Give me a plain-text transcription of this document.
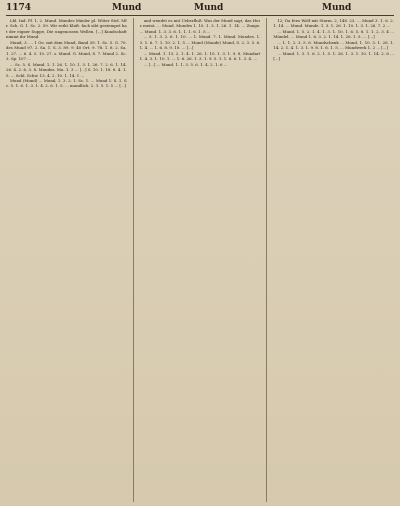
1174	Mund	Mund	Mund

Lbl. Ind. Pl. 1, 2. Mund. Mundes Mäuler pl. Wöter Stel. Mfr. Sch. G. 1. Sc. 2. 59. Wir reiht Kluft. fach sibt gestempet hat der eigner Suppe, Die ungenossen Wellen. [...] Kundschaft nimmt ihr Mund.

Mund, 3. ... 1 Oe. mit dem Mund, Band 39. 1. Sc. 5. G. 70. des Mund 97. 2. Sa. 1. S. 3. 89. 9. 40 Ort. 9. 78. 1. 8. 2. Sa. 1. 27. ... 6. 4. 5. 10. 27. s. Mund. G. Mund, S. 7. Mund 2. Sc. 3. Sp. 107 ...

... Sc. 5. S. Mund. 1. 1. 26. 1. 10. 1. 3. 1. 26. 7. 2. 6. 1. 14. 26. 4. 2. 6. 3. 8. Mundes. Mu. 1. 3 ... [...] S. 10. 1. 18. 8. 4. 1. 5. ... Schl. Schw. 13. 4. 2. 10. 1. 14. 1 ...

Mund (Mund) ... Mund, 1. 3. 2. 1. Sc. 1. ... Mund 1. S. 1. Sc. 5. 1. 6. 1. 3. 1. 4. 2. 6. 1. 5. ... mundlich. 2. 1. 5. 1. 5 ... [...]

und wendet es mit Ueberfluß: Was der Mund sagt, das Herz meint. ... Mund. Mundes 1. 10. 1. 3. 1. 26. 1. 14. ... Zunge. ... Mund. 1. 3. 3. 6. 1. 1. 1. 6. 1. 5 ...

... 5. 1. 3. 2. 6. 1. 10. ... 1. Mund. 7. 1. Mund. Mundes. 1. 3. 1. 6. 7. 1. 10. 2. 1. 5 ... Mund (Munde) Mund, S. 2. 3. 5. 6. 1. 4. ... 1. 6. 8. 9. 10. ... [...]

... Mund. 1. 13. 2. 1. 4. 1. 26. 1. 10. 1. 3. 1. 9. 8. Mundart 1. 4. 3. 1. 10. 1. ... 1. 6. 26. 1. 3. 1. 9. 5. 1. 1. 8. 6. 1. 3. 4. ...

... [...] ... Mund. 1. 1. 3. 5. 6. 1. 4. 2. 1. 6 ...

12; Da fern Wolf mit Sturm. 2, 148. 23. ... Mund 3. 1. 6. 2. 1. 14. ... Mund. Munde. 1. 3. 1. 26. 1. 10. 1. 3. 1. 26. 7. 2 ...

... Mund. 1. 5. 2. 1. 4. 1. 3. 1. 10. 1. 6. 5. 8. 1. 1. 2. 3. 4 ... Mündel. ... Mund 1. 6. 3. 2. 1. 14. 1. 26. 1. 5. ... [...]

... 1. 1. 2. 3. 5. 6. Mundschenk ... Mund, 1. 10. 3. 1. 26. 1. 14. 2. 1. 4. 1. 3. 1. 9. 8. 1. 6. 1. 5. ... Mundwerk 1. 2 ... [...]

... Mund. 1. 3. 1. 6. 2. 1. 5. 1. 26. 1. 3. 1. 10. 1. 14. 2. 6 ... [...]
